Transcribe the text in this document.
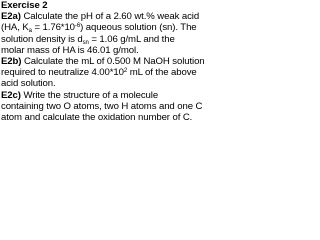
Exercise 2
E2a) Calculate the pH of a 2.60 wt.% weak acid
(HA, $K_a = 1.76*10^{-6}$) aqueous solution (sn). The
solution density is $d_{sn} = 1.06$ g/mL and the
molar mass of HA is 46.01 g/mol.
E2b) Calculate the mL of 0.500 M NaOH solution
required to neutralize $4.00*10^2$ mL of the above
acid solution.
E2c) Write the structure of a molecule
containing two O atoms, two H atoms and one C
atom and calculate the oxidation number of C.
